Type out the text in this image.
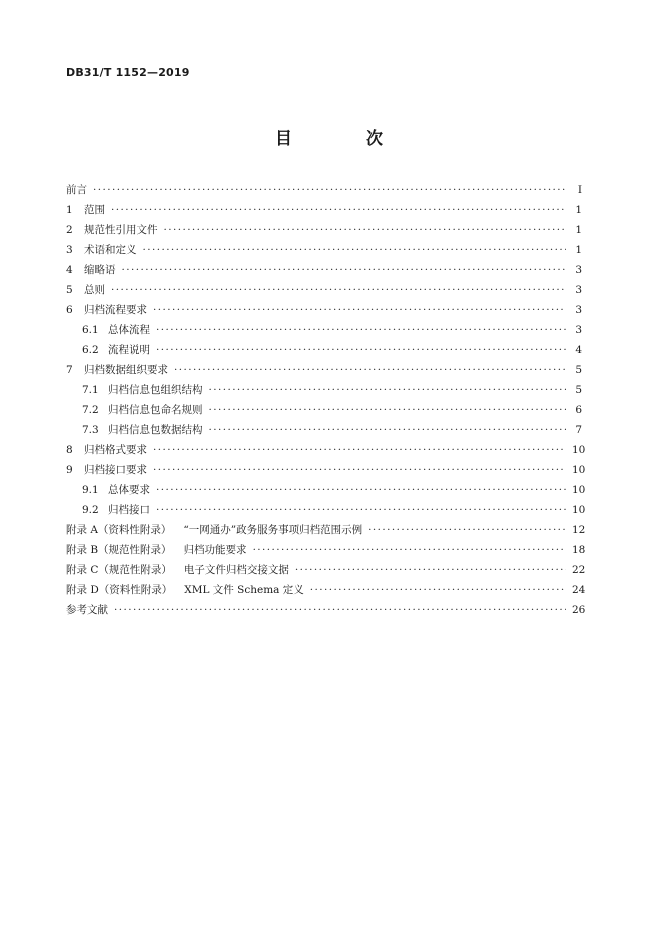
DB31/T 1152—2019
目 次
前言 ·····	I
1	范围 ·····	1
2	规范性引用文件 ·····	1
3	术语和定义 ·····	1
4	缩略语 ·····	3
5	总则 ·····	3
6	归档流程要求 ·····	3
6.1 总体流程 ·····	3
6.2 流程说明 ·····	4
7	归档数据组织要求 ·····	5
7.1 归档信息包组织结构 ·····	5
7.2 归档信息包命名规则 ·····	6
7.3 归档信息包数据结构 ·····	7
8	归档格式要求 ·····	10
9	归档接口要求 ·····	10
9.1 总体要求 ·····	10
9.2 归档接口 ·····	10
附录 A（资料性附录） “一网通办”政务服务事项归档范围示例 ·····	12
附录 B（规范性附录） 归档功能要求 ·····	18
附录 C（规范性附录） 电子文件归档交接文据 ·····	22
附录 D（资料性附录） XML 文件 Schema 定义 ·····	24
参考文献 ·····	26
